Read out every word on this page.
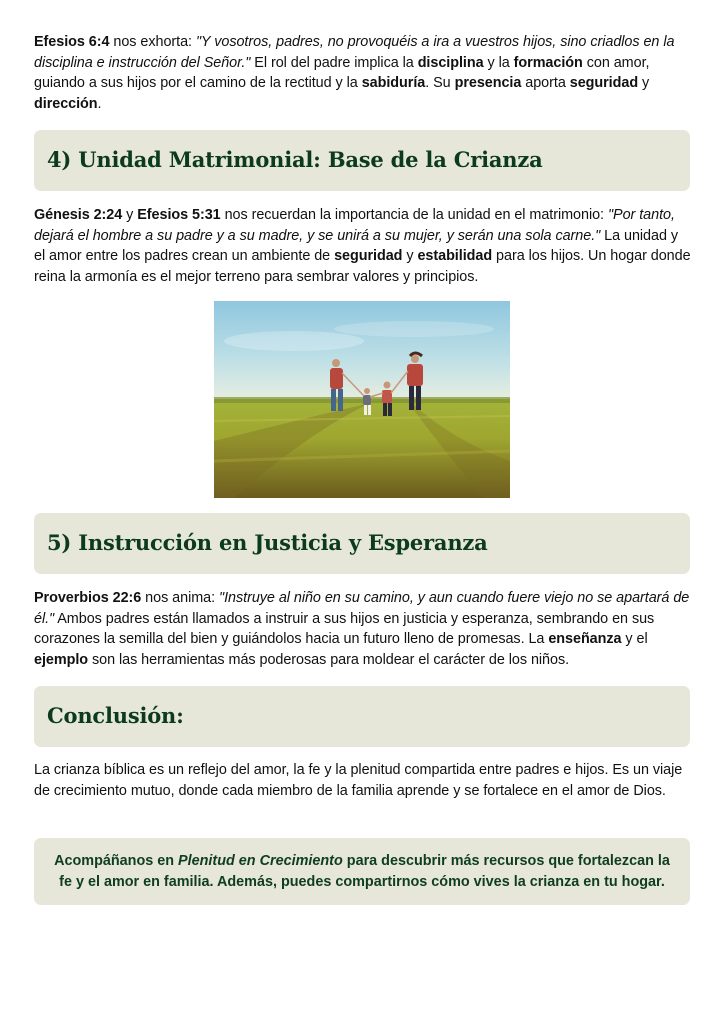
Efesios 6:4 nos exhorta: "Y vosotros, padres, no provoquéis a ira a vuestros hijos, sino criadlos en la disciplina e instrucción del Señor." El rol del padre implica la disciplina y la formación con amor, guiando a sus hijos por el camino de la rectitud y la sabiduría. Su presencia aporta seguridad y dirección.

4) Unidad Matrimonial: Base de la Crianza

Génesis 2:24 y Efesios 5:31 nos recuerdan la importancia de la unidad en el matrimonio: "Por tanto, dejará el hombre a su padre y a su madre, y se unirá a su mujer, y serán una sola carne." La unidad y el amor entre los padres crean un ambiente de seguridad y estabilidad para los hijos. Un hogar donde reina la armonía es el mejor terreno para sembrar valores y principios.

5) Instrucción en Justicia y Esperanza

Proverbios 22:6 nos anima: "Instruye al niño en su camino, y aun cuando fuere viejo no se apartará de él." Ambos padres están llamados a instruir a sus hijos en justicia y esperanza, sembrando en sus corazones la semilla del bien y guiándolos hacia un futuro lleno de promesas. La enseñanza y el ejemplo son las herramientas más poderosas para moldear el carácter de los niños.

Conclusión:

La crianza bíblica es un reflejo del amor, la fe y la plenitud compartida entre padres e hijos. Es un viaje de crecimiento mutuo, donde cada miembro de la familia aprende y se fortalece en el amor de Dios.

Acompáñanos en Plenitud en Crecimiento para descubrir más recursos que fortalezcan la fe y el amor en familia. Además, puedes compartirnos cómo vives la crianza en tu hogar.
